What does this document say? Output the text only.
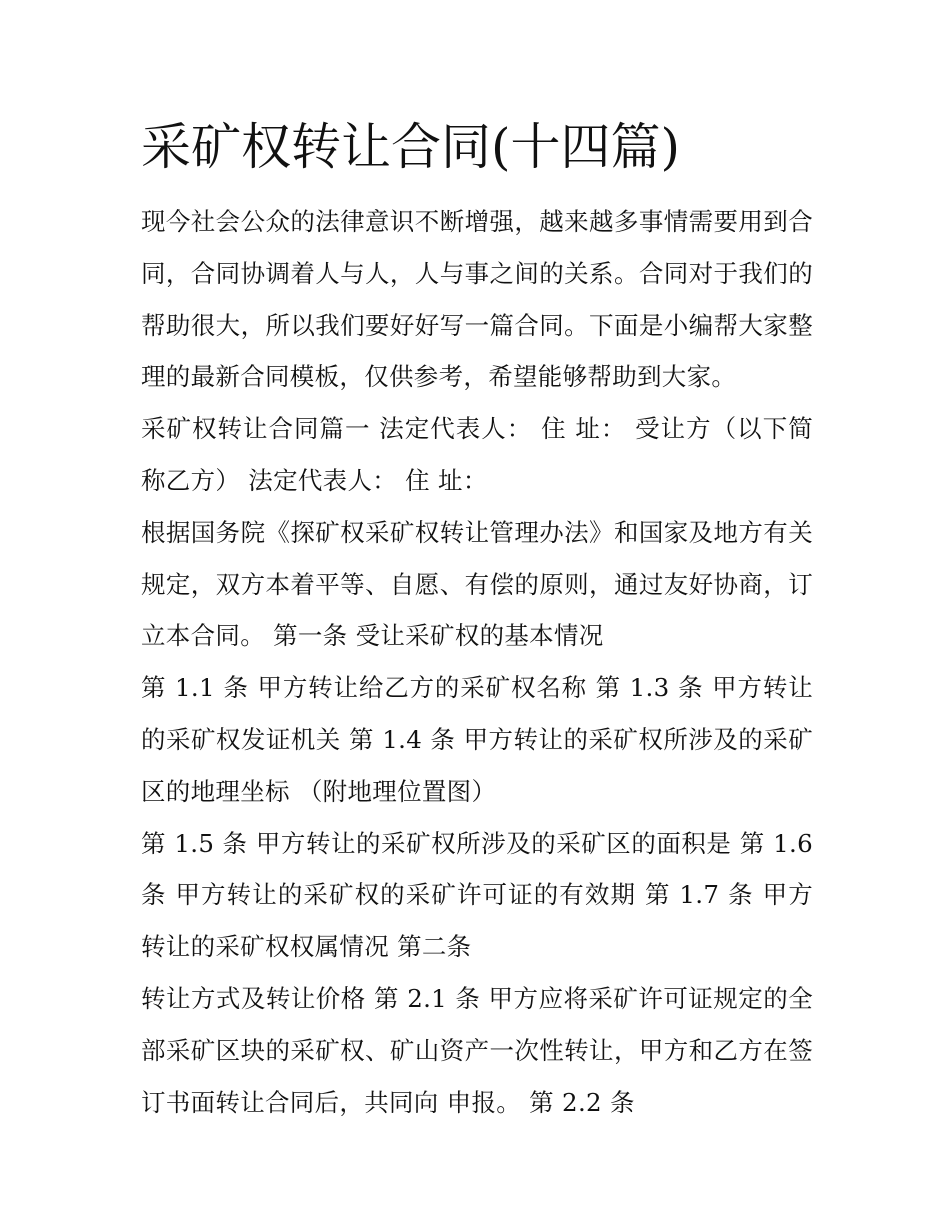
采矿权转让合同(十四篇)

现今社会公众的法律意识不断增强，越来越多事情需要用到合同，合同协调着人与人，人与事之间的关系。合同对于我们的帮助很大，所以我们要好好写一篇合同。下面是小编帮大家整理的最新合同模板，仅供参考，希望能够帮助到大家。

采矿权转让合同篇一 法定代表人： 住 址： 受让方（以下简称乙方） 法定代表人： 住 址：

根据国务院《探矿权采矿权转让管理办法》和国家及地方有关规定，双方本着平等、自愿、有偿的原则，通过友好协商，订立本合同。 第一条 受让采矿权的基本情况

第 1.1 条 甲方转让给乙方的采矿权名称 第 1.3 条 甲方转让的采矿权发证机关 第 1.4 条 甲方转让的采矿权所涉及的采矿区的地理坐标 （附地理位置图）

第 1.5 条 甲方转让的采矿权所涉及的采矿区的面积是 第 1.6 条 甲方转让的采矿权的采矿许可证的有效期 第 1.7 条 甲方转让的采矿权权属情况 第二条

转让方式及转让价格 第 2.1 条 甲方应将采矿许可证规定的全部采矿区块的采矿权、矿山资产一次性转让，甲方和乙方在签订书面转让合同后，共同向 申报。 第 2.2 条
